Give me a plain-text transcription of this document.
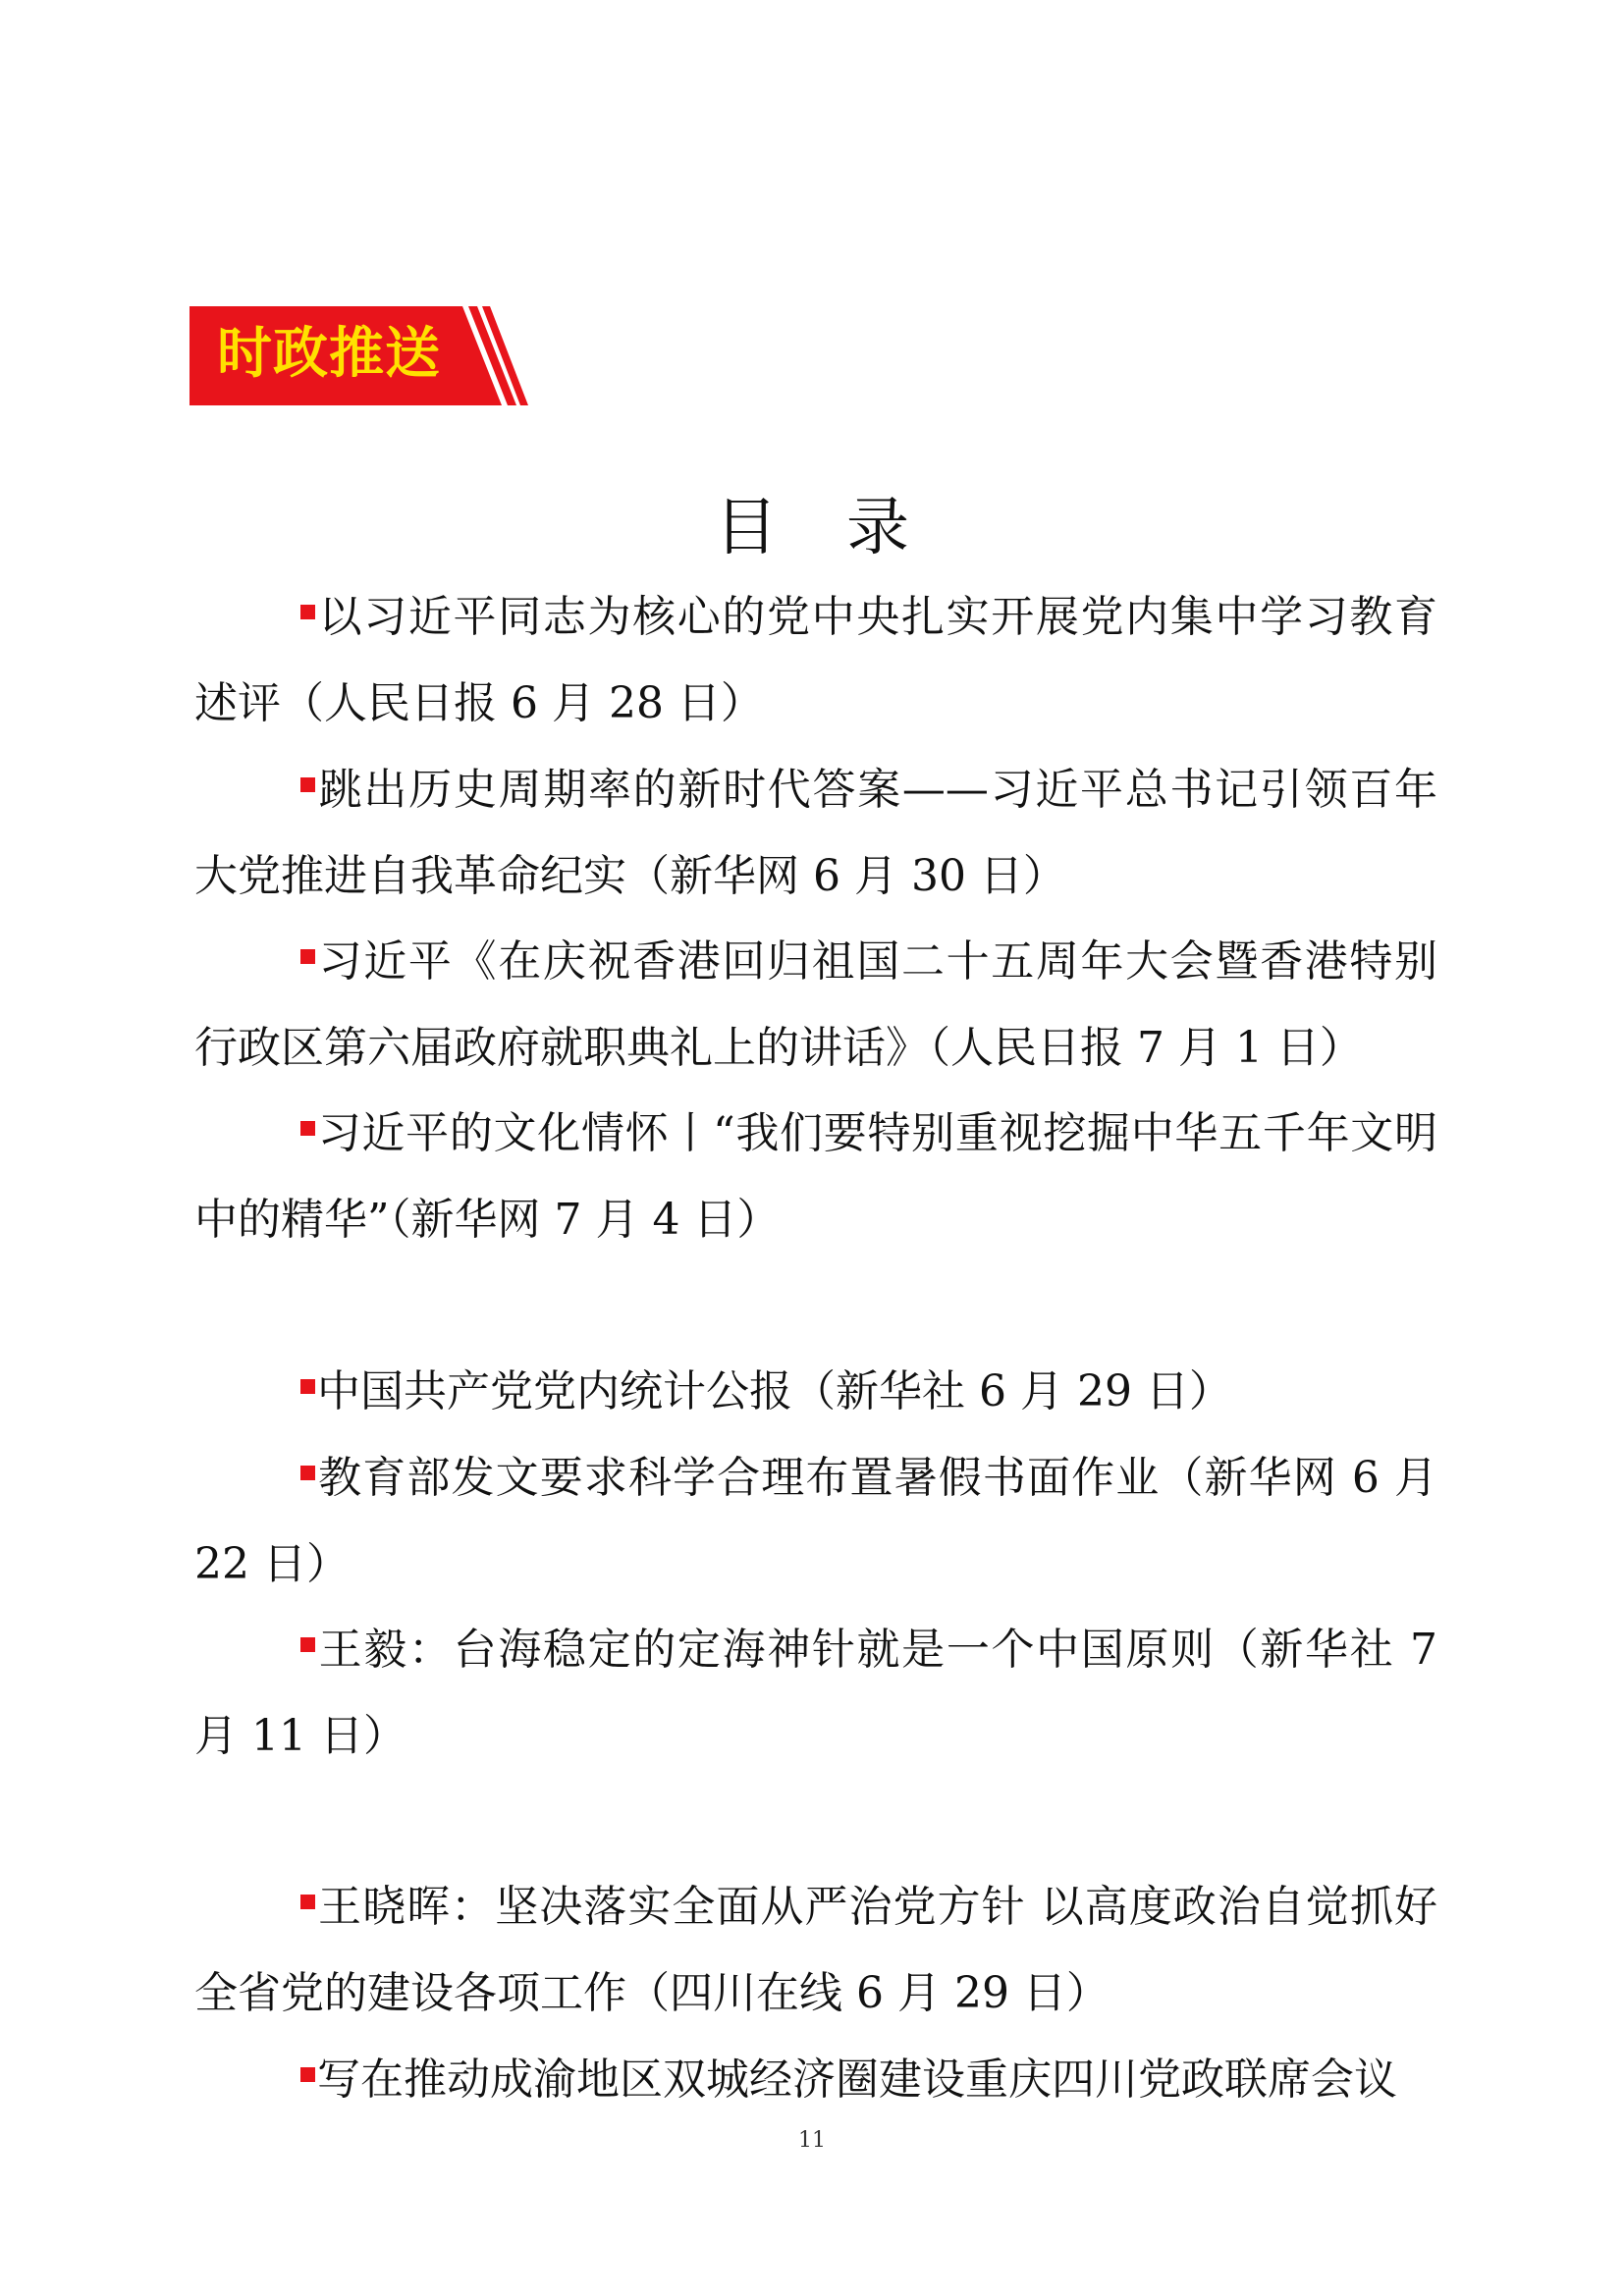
时政推送
目录

以习近平同志为核心的党中央扎实开展党内集中学习教育述评（人民日报 6 月 28 日）

跳出历史周期率的新时代答案——习近平总书记引领百年大党推进自我革命纪实（新华网 6 月 30 日）

习近平《在庆祝香港回归祖国二十五周年大会暨香港特别行政区第六届政府就职典礼上的讲话》（人民日报 7 月 1 日）

习近平的文化情怀丨“我们要特别重视挖掘中华五千年文明中的精华”（新华网 7 月 4 日）

中国共产党党内统计公报（新华社 6 月 29 日）

教育部发文要求科学合理布置暑假书面作业（新华网 6 月 22 日）

王毅：台海稳定的定海神针就是一个中国原则（新华社 7 月 11 日）

王晓晖：坚决落实全面从严治党方针 以高度政治自觉抓好全省党的建设各项工作（四川在线 6 月 29 日）

写在推动成渝地区双城经济圈建设重庆四川党政联席会议

11
